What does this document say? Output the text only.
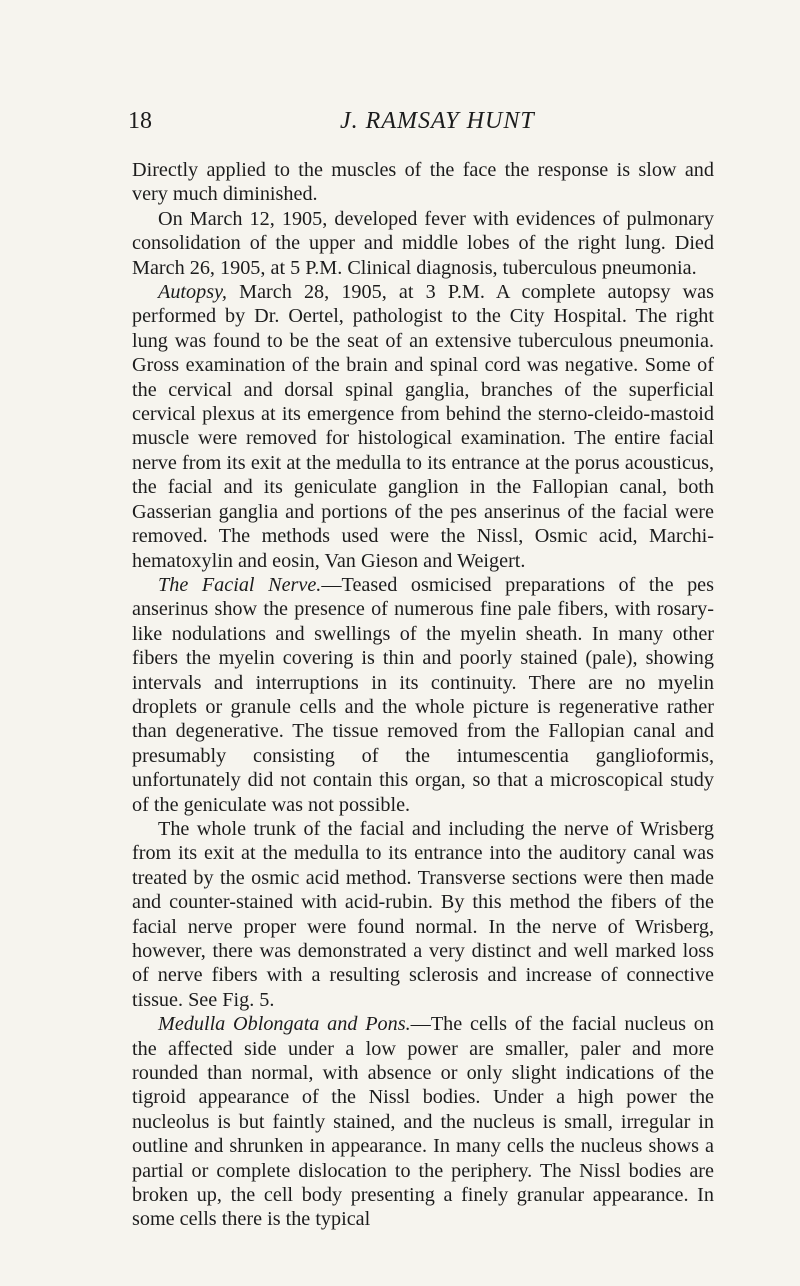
18	J. RAMSAY HUNT

Directly applied to the muscles of the face the response is slow and very much diminished.

On March 12, 1905, developed fever with evidences of pulmonary consolidation of the upper and middle lobes of the right lung. Died March 26, 1905, at 5 P.M. Clinical diagnosis, tuberculous pneumonia.

Autopsy, March 28, 1905, at 3 P.M. A complete autopsy was performed by Dr. Oertel, pathologist to the City Hospital. The right lung was found to be the seat of an extensive tuberculous pneumonia. Gross examination of the brain and spinal cord was negative. Some of the cervical and dorsal spinal ganglia, branches of the superficial cervical plexus at its emergence from behind the sterno-cleido-mastoid muscle were removed for histological examination. The entire facial nerve from its exit at the medulla to its entrance at the porus acousticus, the facial and its geniculate ganglion in the Fallopian canal, both Gasserian ganglia and portions of the pes anserinus of the facial were removed. The methods used were the Nissl, Osmic acid, Marchi-hematoxylin and eosin, Van Gieson and Weigert.

The Facial Nerve.—Teased osmicised preparations of the pes anserinus show the presence of numerous fine pale fibers, with rosary-like nodulations and swellings of the myelin sheath. In many other fibers the myelin covering is thin and poorly stained (pale), showing intervals and interruptions in its continuity. There are no myelin droplets or granule cells and the whole picture is regenerative rather than degenerative. The tissue removed from the Fallopian canal and presumably consisting of the intumescentia ganglioformis, unfortunately did not contain this organ, so that a microscopical study of the geniculate was not possible.

The whole trunk of the facial and including the nerve of Wrisberg from its exit at the medulla to its entrance into the auditory canal was treated by the osmic acid method. Transverse sections were then made and counter-stained with acid-rubin. By this method the fibers of the facial nerve proper were found normal. In the nerve of Wrisberg, however, there was demonstrated a very distinct and well marked loss of nerve fibers with a resulting sclerosis and increase of connective tissue. See Fig. 5.

Medulla Oblongata and Pons.—The cells of the facial nucleus on the affected side under a low power are smaller, paler and more rounded than normal, with absence or only slight indications of the tigroid appearance of the Nissl bodies. Under a high power the nucleolus is but faintly stained, and the nucleus is small, irregular in outline and shrunken in appearance. In many cells the nucleus shows a partial or complete dislocation to the periphery. The Nissl bodies are broken up, the cell body presenting a finely granular appearance. In some cells there is the typical
